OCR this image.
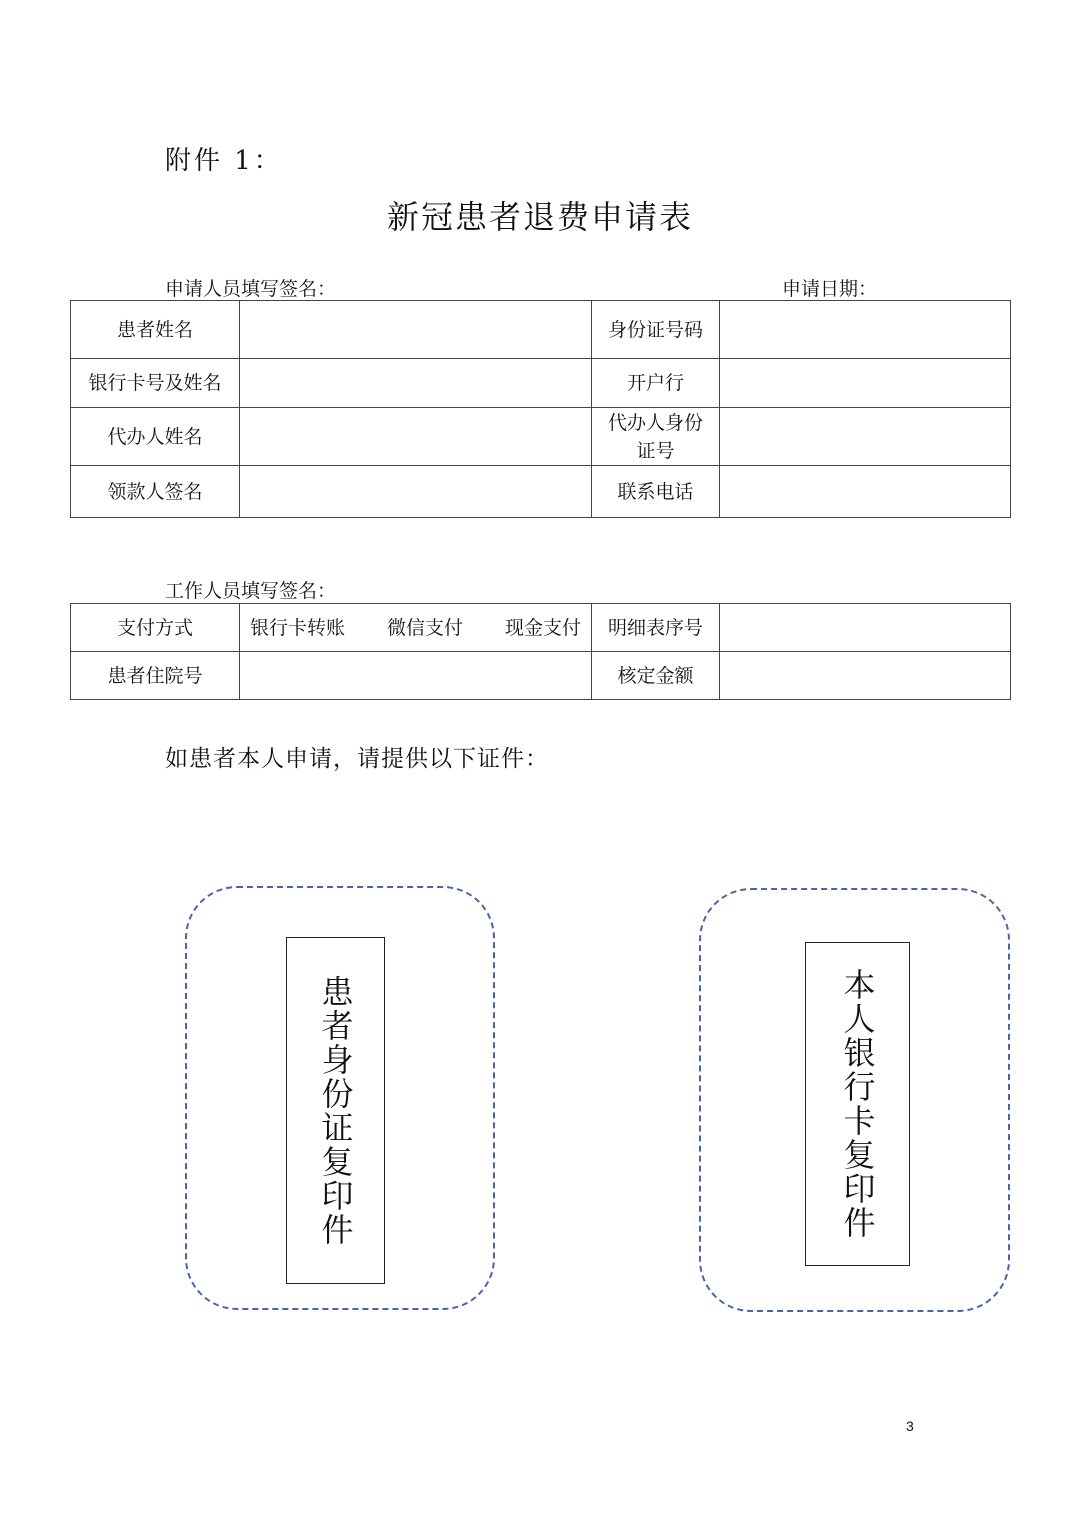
附件 1：
新冠患者退费申请表
申请人员填写签名：	申请日期：
患者姓名		身份证号码	
银行卡号及姓名		开户行	
代办人姓名		代办人身份证号	
领款人签名		联系电话	
工作人员填写签名：
支付方式	银行卡转账 微信支付 现金支付	明细表序号	
患者住院号		核定金额	
如患者本人申请，请提供以下证件：
患者身份证复印件	本人银行卡复印件
3
